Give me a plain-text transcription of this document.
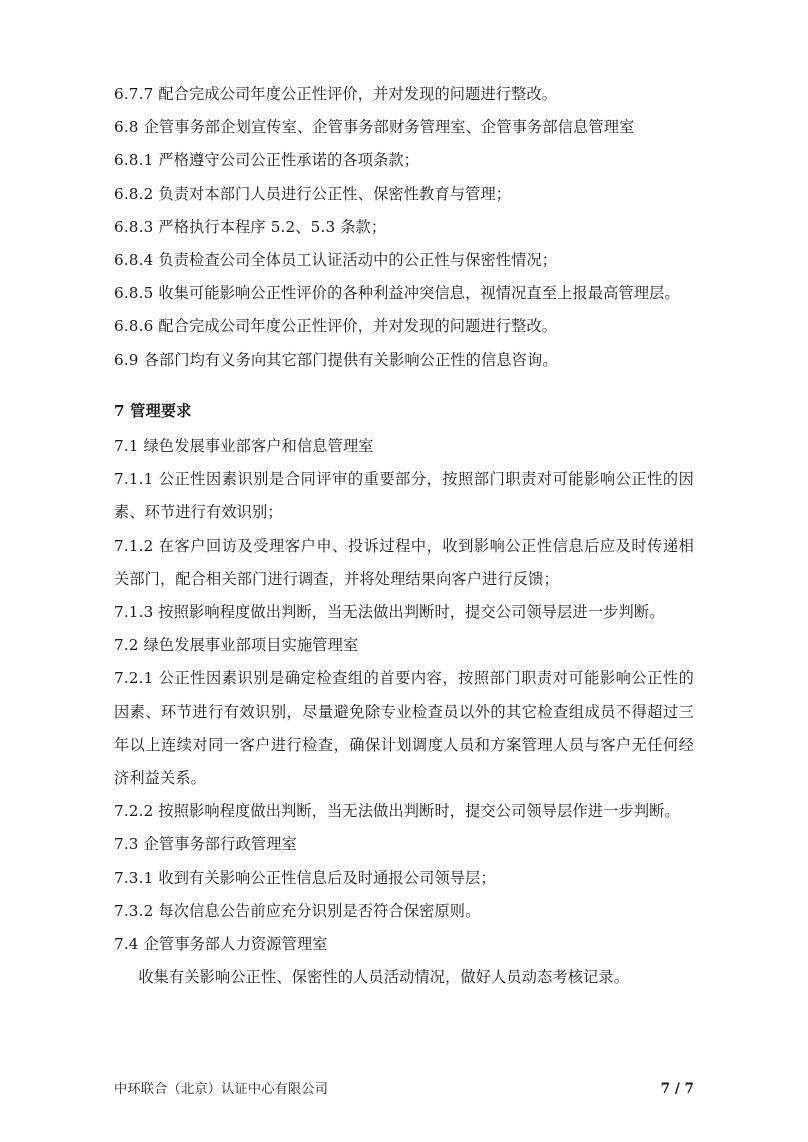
6.7.7 配合完成公司年度公正性评价，并对发现的问题进行整改。

6.8 企管事务部企划宣传室、企管事务部财务管理室、企管事务部信息管理室

6.8.1 严格遵守公司公正性承诺的各项条款；

6.8.2 负责对本部门人员进行公正性、保密性教育与管理；

6.8.3 严格执行本程序 5.2、5.3 条款；

6.8.4 负责检查公司全体员工认证活动中的公正性与保密性情况；

6.8.5 收集可能影响公正性评价的各种利益冲突信息，视情况直至上报最高管理层。

6.8.6 配合完成公司年度公正性评价，并对发现的问题进行整改。

6.9 各部门均有义务向其它部门提供有关影响公正性的信息咨询。

7 管理要求

7.1 绿色发展事业部客户和信息管理室

7.1.1 公正性因素识别是合同评审的重要部分，按照部门职责对可能影响公正性的因素、环节进行有效识别；

7.1.2 在客户回访及受理客户申、投诉过程中，收到影响公正性信息后应及时传递相关部门，配合相关部门进行调查，并将处理结果向客户进行反馈；

7.1.3 按照影响程度做出判断，当无法做出判断时，提交公司领导层进一步判断。

7.2 绿色发展事业部项目实施管理室

7.2.1 公正性因素识别是确定检查组的首要内容，按照部门职责对可能影响公正性的因素、环节进行有效识别，尽量避免除专业检查员以外的其它检查组成员不得超过三年以上连续对同一客户进行检查，确保计划调度人员和方案管理人员与客户无任何经济利益关系。

7.2.2 按照影响程度做出判断，当无法做出判断时，提交公司领导层作进一步判断。

7.3 企管事务部行政管理室

7.3.1 收到有关影响公正性信息后及时通报公司领导层；

7.3.2 每次信息公告前应充分识别是否符合保密原则。

7.4 企管事务部人力资源管理室

收集有关影响公正性、保密性的人员活动情况，做好人员动态考核记录。

中环联合（北京）认证中心有限公司	7 / 7
